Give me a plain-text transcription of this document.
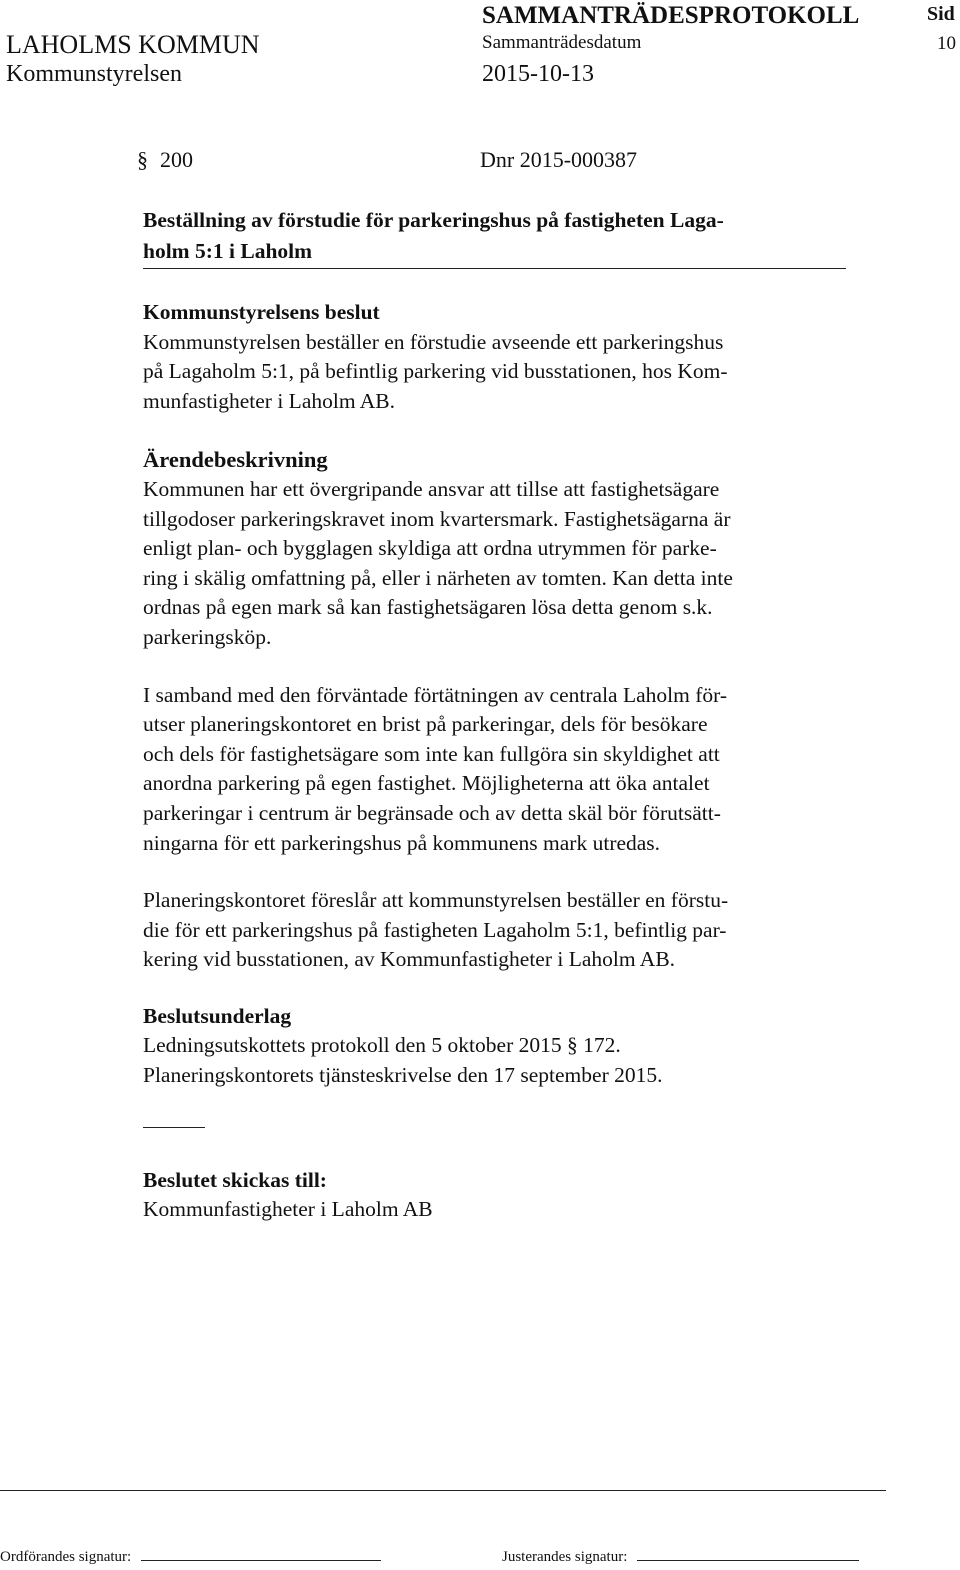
LAHOLMS KOMMUN
Kommunstyrelsen
SAMMANTRÄDESPROTOKOLL	Sid
Sammanträdesdatum	10
2015-10-13
§ 200	Dnr 2015-000387
Beställning av förstudie för parkeringshus på fastigheten Laga-
holm 5:1 i Laholm
Kommunstyrelsens beslut
Kommunstyrelsen beställer en förstudie avseende ett parkeringshus
på Lagaholm 5:1, på befintlig parkering vid busstationen, hos Kom-
munfastigheter i Laholm AB.
Ärendebeskrivning
Kommunen har ett övergripande ansvar att tillse att fastighetsägare
tillgodoser parkeringskravet inom kvartersmark. Fastighetsägarna är
enligt plan- och bygglagen skyldiga att ordna utrymmen för parke-
ring i skälig omfattning på, eller i närheten av tomten. Kan detta inte
ordnas på egen mark så kan fastighetsägaren lösa detta genom s.k.
parkeringsköp.
I samband med den förväntade förtätningen av centrala Laholm för-
utser planeringskontoret en brist på parkeringar, dels för besökare
och dels för fastighetsägare som inte kan fullgöra sin skyldighet att
anordna parkering på egen fastighet. Möjligheterna att öka antalet
parkeringar i centrum är begränsade och av detta skäl bör förutsätt-
ningarna för ett parkeringshus på kommunens mark utredas.
Planeringskontoret föreslår att kommunstyrelsen beställer en förstu-
die för ett parkeringshus på fastigheten Lagaholm 5:1, befintlig par-
kering vid busstationen, av Kommunfastigheter i Laholm AB.
Beslutsunderlag
Ledningsutskottets protokoll den 5 oktober 2015 § 172.
Planeringskontorets tjänsteskrivelse den 17 september 2015.
Beslutet skickas till:
Kommunfastigheter i Laholm AB
Ordförandes signatur:	Justerandes signatur:
